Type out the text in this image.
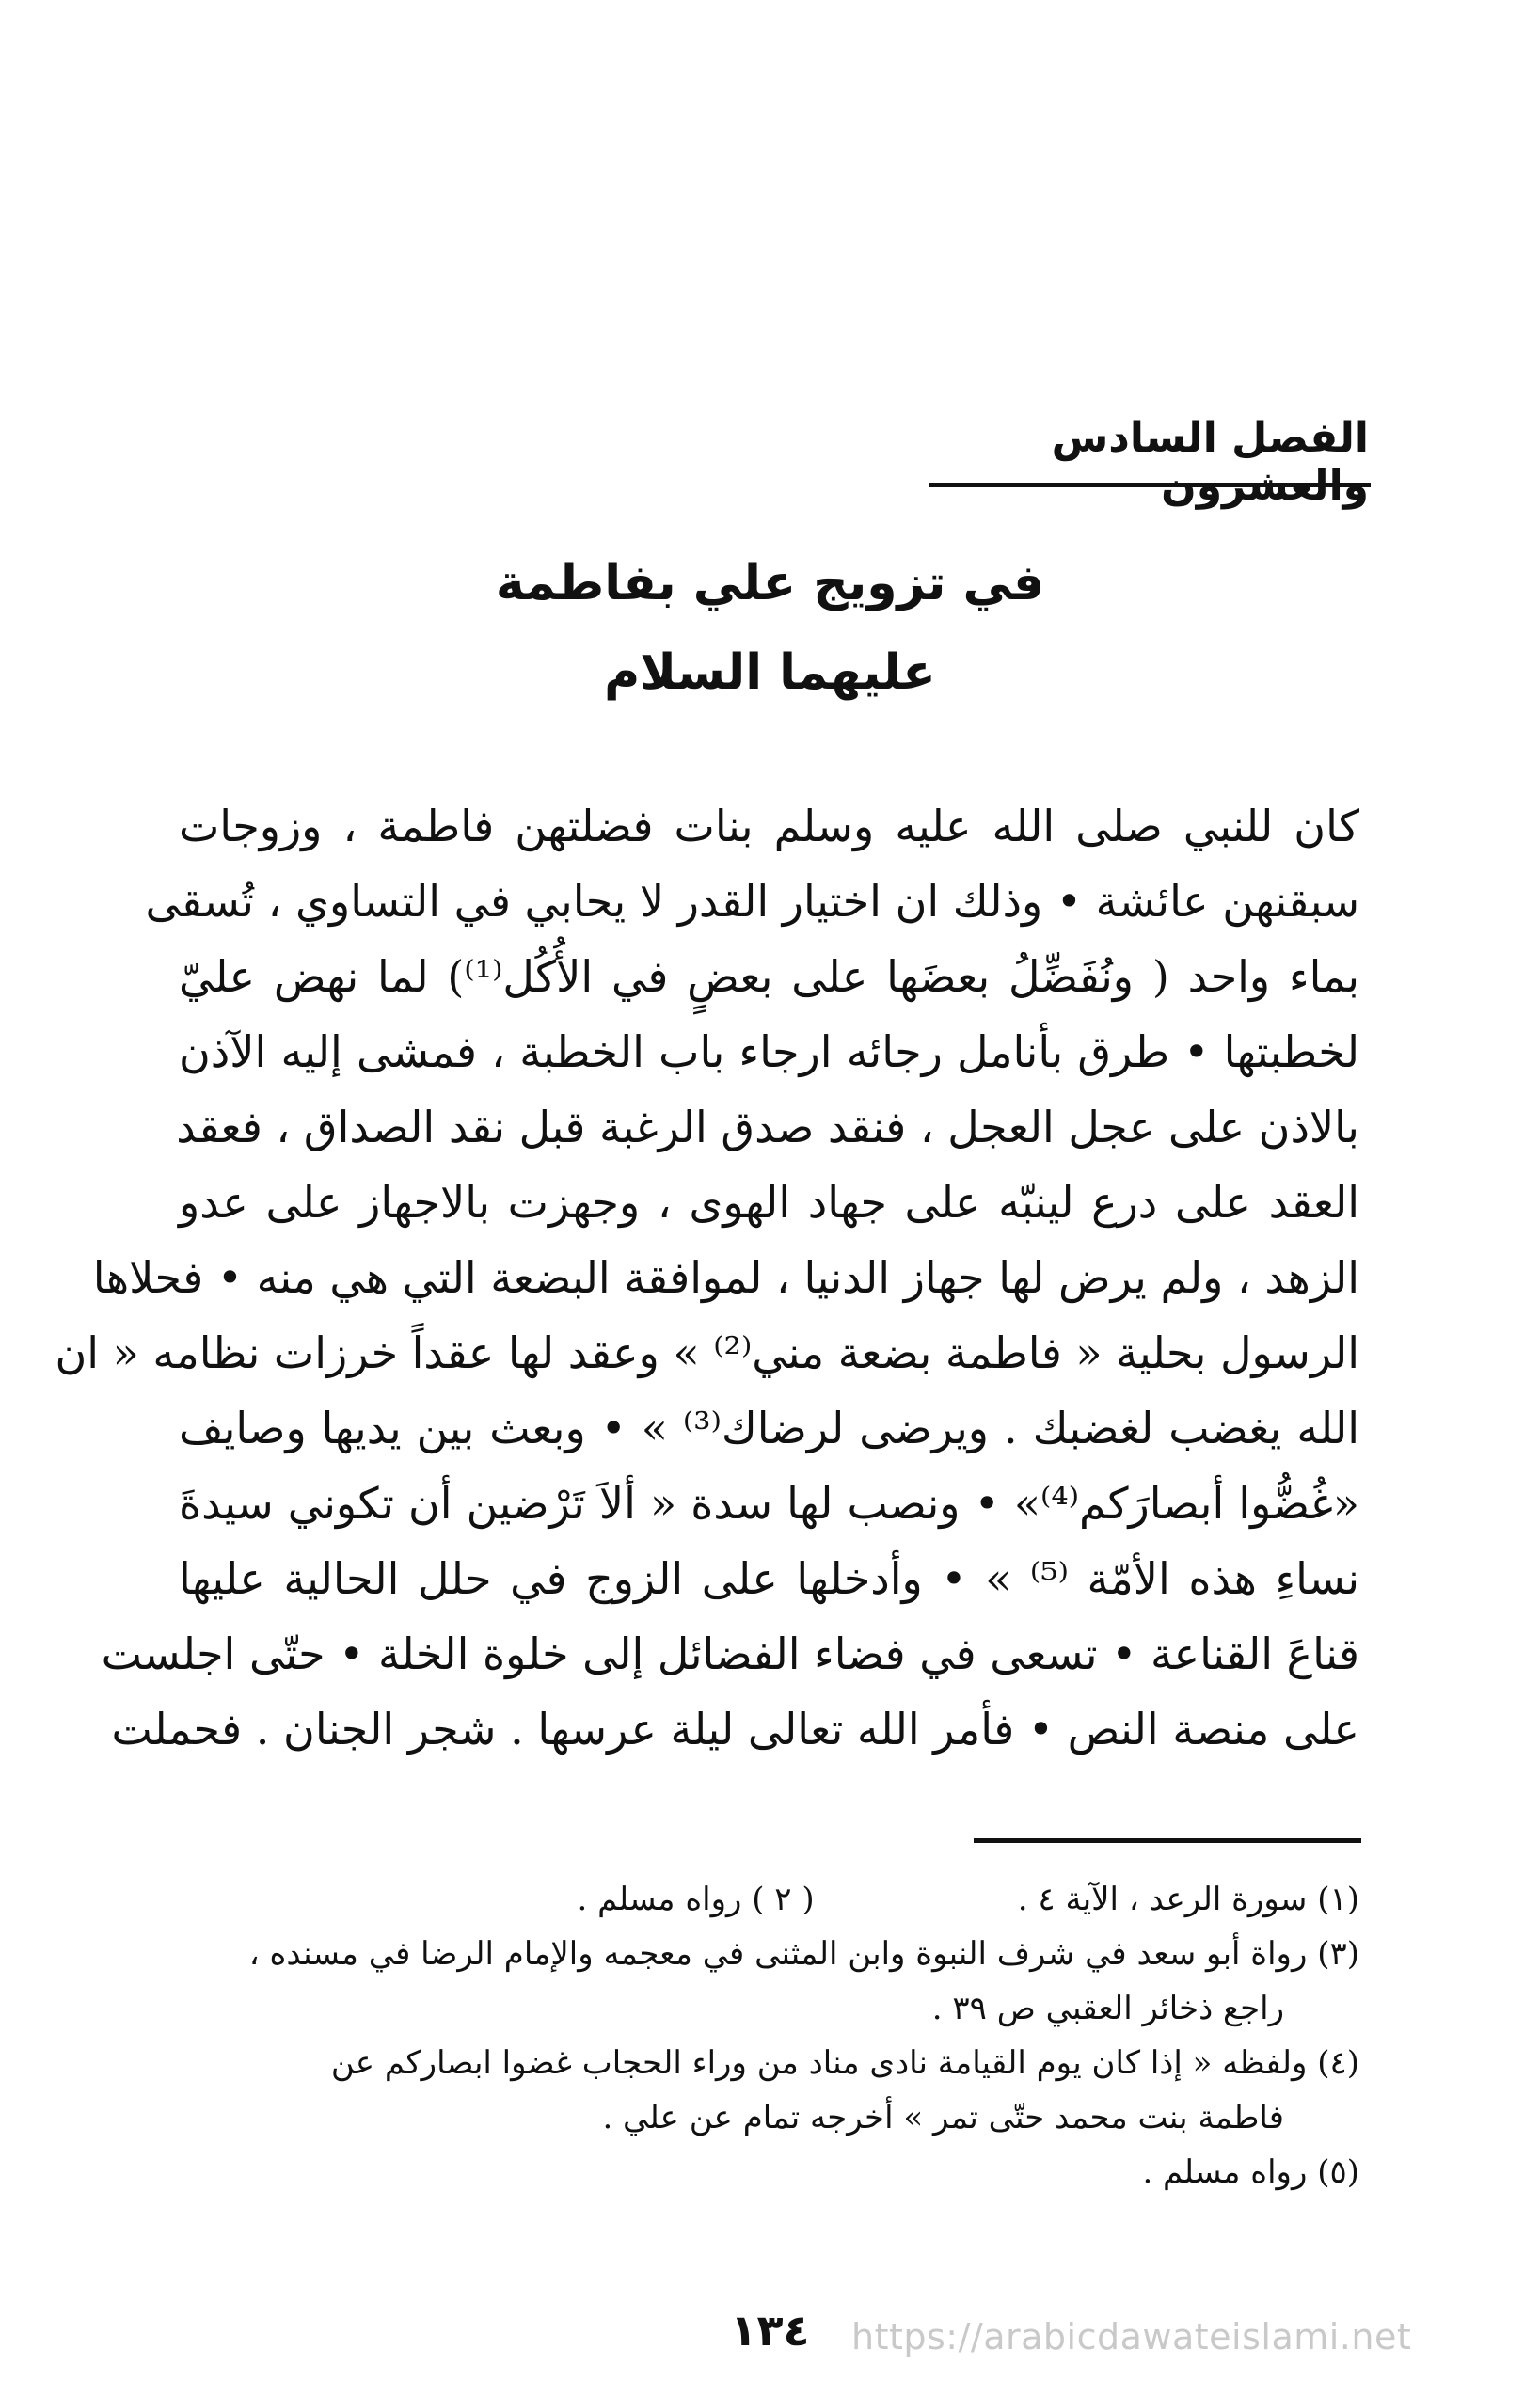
الفصل السادس والعشرون
في تزويج علي بفاطمة
عليهما السلام
كان للنبي صلى الله عليه وسلم بنات فضلتهن فاطمة ، وزوجات
سبقنهن عائشة • وذلك ان اختيار القدر لا يحابي في التساوي ، تُسقى
بماء واحد ( ونُفَضِّلُ بعضَها على بعضٍ في الأُكُل⁽¹⁾) لما نهض عليّ
لخطبتها • طرق بأنامل رجائه ارجاء باب الخطبة ، فمشى إليه الآذن
بالاذن على عجل العجل ، فنقد صدق الرغبة قبل نقد الصداق ، فعقد
العقد على درع لينبّه على جهاد الهوى ، وجهزت بالاجهاز على عدو
الزهد ، ولم يرض لها جهاز الدنيا ، لموافقة البضعة التي هي منه • فحلاها
الرسول بحلية « فاطمة بضعة مني⁽²⁾ » وعقد لها عقداً خرزات نظامه « ان
الله يغضب لغضبك . ويرضى لرضاك⁽³⁾ » • وبعث بين يديها وصايف
«غُضُّوا أبصارَكم⁽⁴⁾» • ونصب لها سدة « ألاَ تَرْضين أن تكوني سيدةَ
نساءِ هذه الأمّة ⁽⁵⁾ » • وأدخلها على الزوج في حلل الحالية عليها
قناعَ القناعة • تسعى في فضاء الفضائل إلى خلوة الخلة • حتّى اجلست
على منصة النص • فأمر الله تعالى ليلة عرسها . شجر الجنان . فحملت
(١) سورة الرعد ، الآية ٤ .                    ( ٢ ) رواه مسلم .
(٣) رواة أبو سعد في شرف النبوة وابن المثنى في معجمه والإمام الرضا في مسنده ،
راجع ذخائر العقبي ص ٣٩ .
(٤) ولفظه « إذا كان يوم القيامة نادى مناد من وراء الحجاب غضوا ابصاركم عن
فاطمة بنت محمد حتّى تمر » أخرجه تمام عن علي .
(٥) رواه مسلم .
١٣٤	https://arabicdawateislami.net
